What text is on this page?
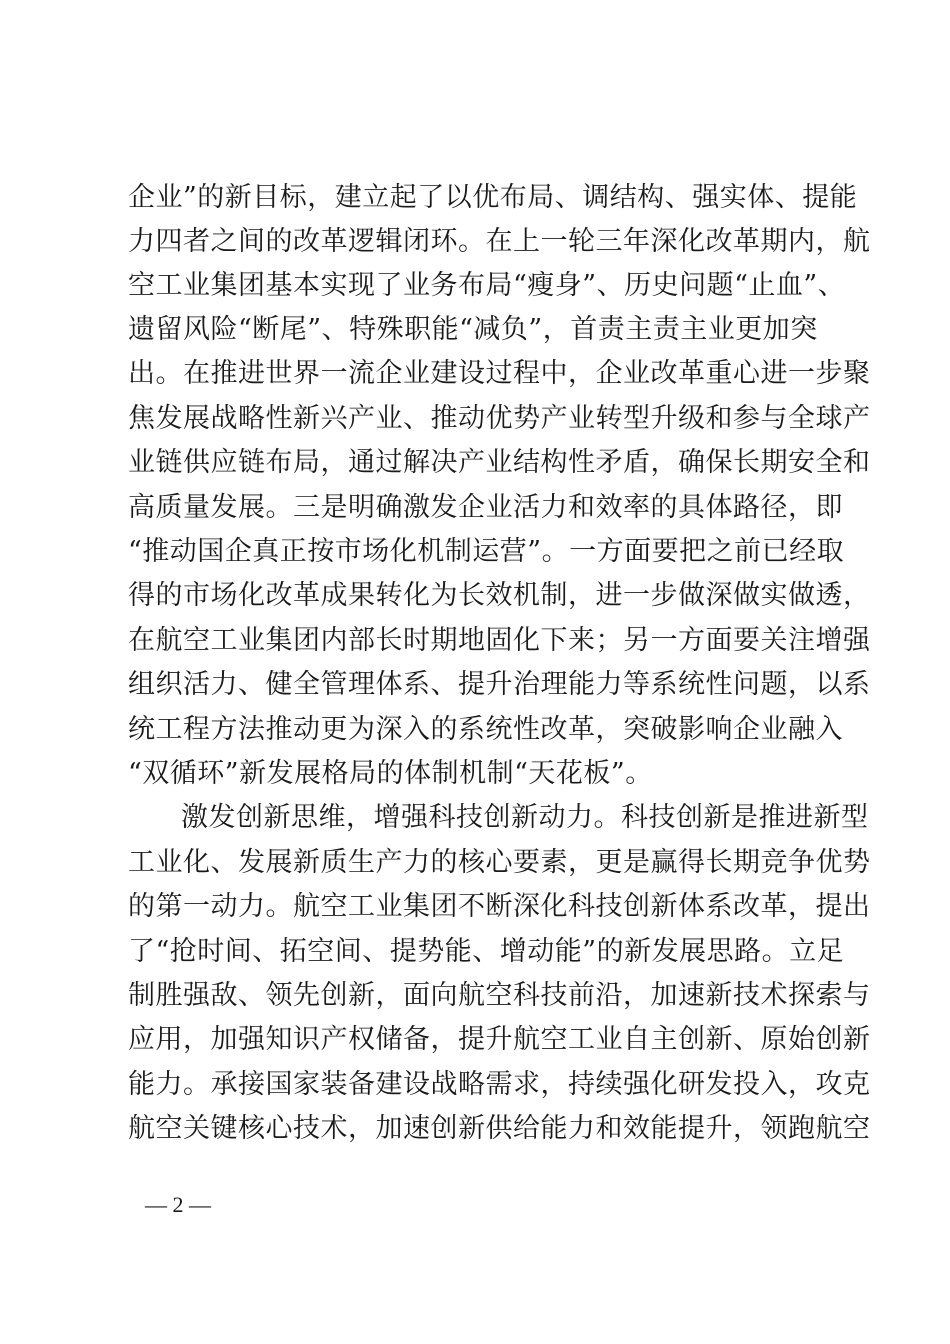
企业”的新目标，建立起了以优布局、调结构、强实体、提能
力四者之间的改革逻辑闭环。在上一轮三年深化改革期内，航
空工业集团基本实现了业务布局“瘦身”、历史问题“止血”、
遗留风险“断尾”、特殊职能“减负”，首责主责主业更加突
出。在推进世界一流企业建设过程中，企业改革重心进一步聚
焦发展战略性新兴产业、推动优势产业转型升级和参与全球产
业链供应链布局，通过解决产业结构性矛盾，确保长期安全和
高质量发展。三是明确激发企业活力和效率的具体路径，即
“推动国企真正按市场化机制运营”。一方面要把之前已经取
得的市场化改革成果转化为长效机制，进一步做深做实做透，
在航空工业集团内部长时期地固化下来；另一方面要关注增强
组织活力、健全管理体系、提升治理能力等系统性问题，以系
统工程方法推动更为深入的系统性改革，突破影响企业融入
“双循环”新发展格局的体制机制“天花板”。
激发创新思维，增强科技创新动力。科技创新是推进新型
工业化、发展新质生产力的核心要素，更是赢得长期竞争优势
的第一动力。航空工业集团不断深化科技创新体系改革，提出
了“抢时间、拓空间、提势能、增动能”的新发展思路。立足
制胜强敌、领先创新，面向航空科技前沿，加速新技术探索与
应用，加强知识产权储备，提升航空工业自主创新、原始创新
能力。承接国家装备建设战略需求，持续强化研发投入，攻克
航空关键核心技术，加速创新供给能力和效能提升，领跑航空
— 2 —
